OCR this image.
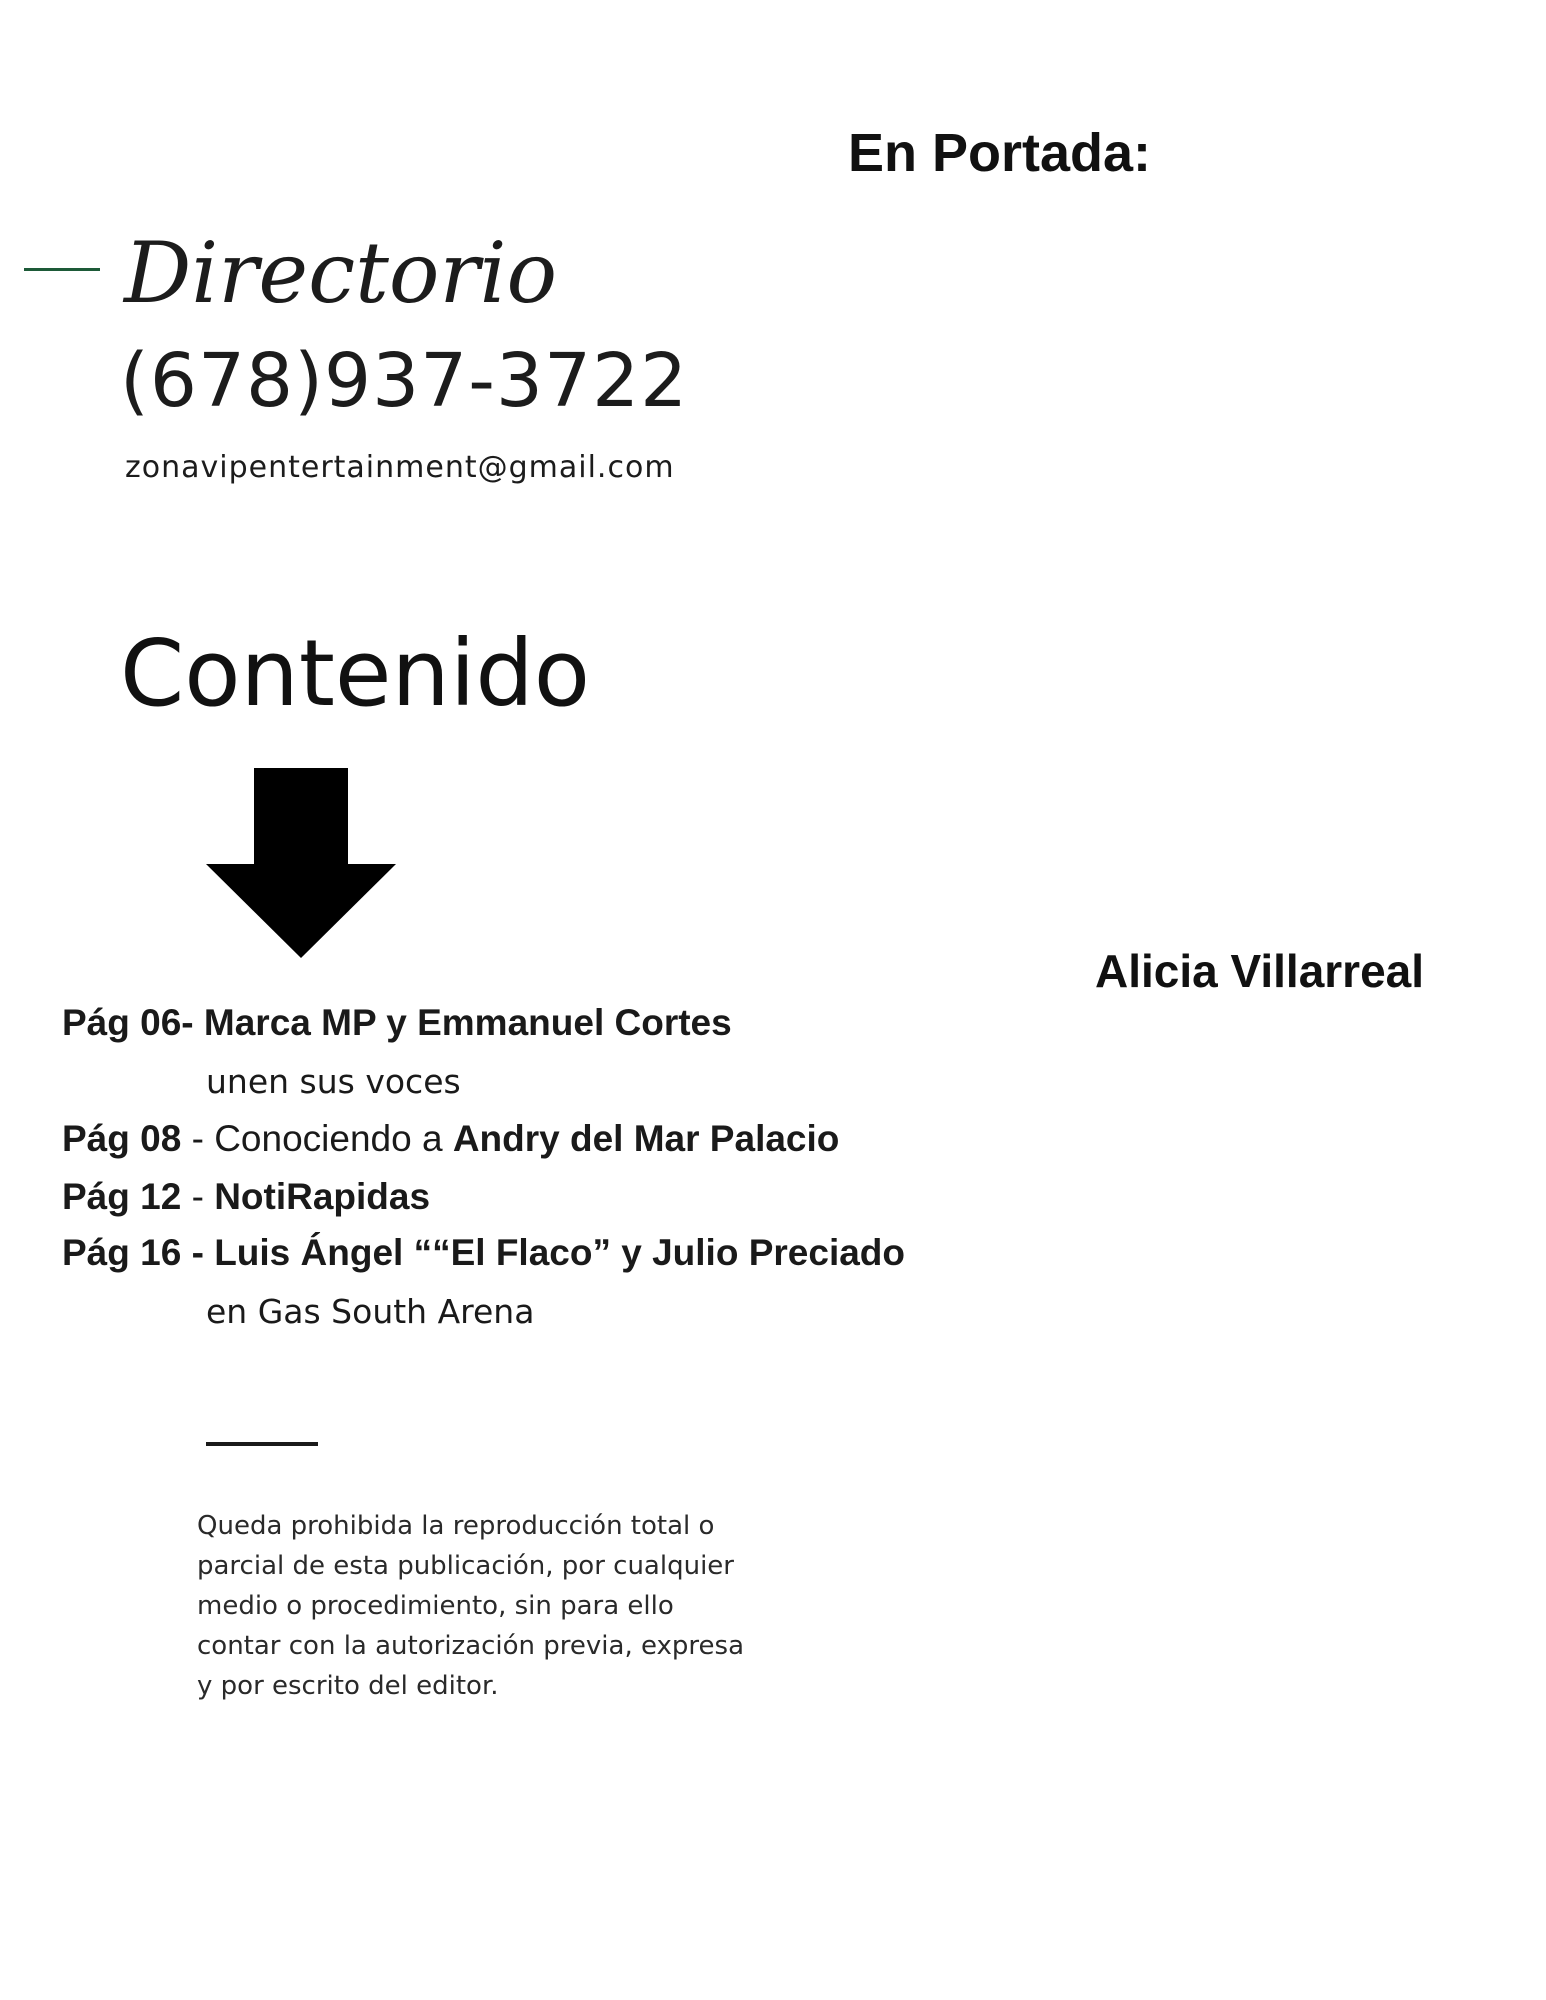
En Portada:
Directorio
(678)937-3722
zonavipentertainment@gmail.com
Contenido
Alicia Villarreal
Pág 06- Marca MP y Emmanuel Cortes
unen sus voces
Pág 08 - Conociendo a Andry del Mar Palacio
Pág 12 - NotiRapidas
Pág 16 - Luis Ángel ““El Flaco” y Julio Preciado
en Gas South Arena
Queda prohibida la reproducción total o parcial de esta publicación, por cualquier medio o procedimiento, sin para ello contar con la autorización previa, expresa y por escrito del editor.
